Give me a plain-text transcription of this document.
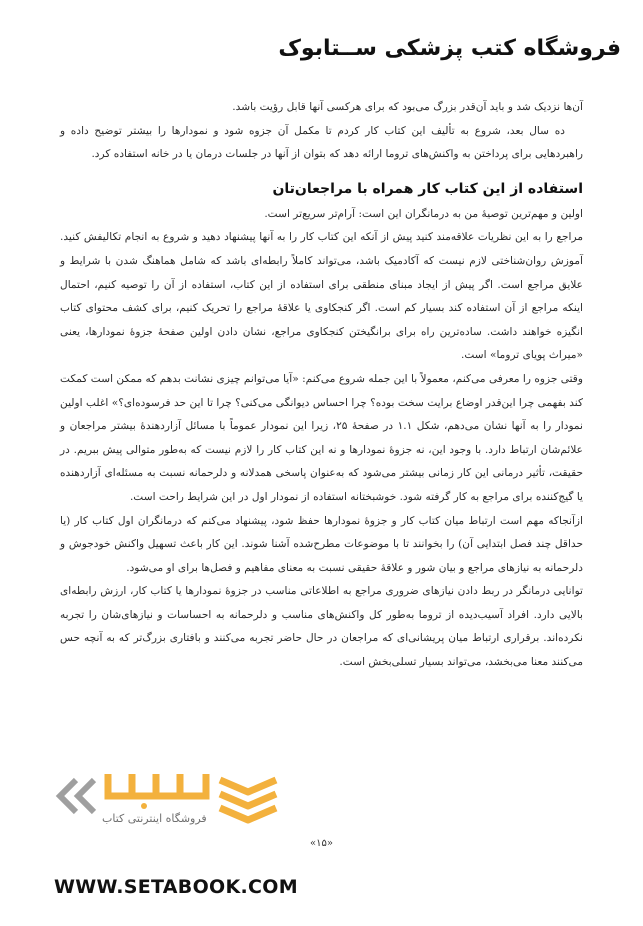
فروشگاه کتب پزشکی ســتابوک

آن‌ها نزدیک شد و باید آن‌قدر بزرگ می‌بود که برای هرکسی آنها قابل رؤیت باشد.

ده سال بعد، شروع به تألیف این کتاب کار کردم تا مکمل آن جزوه شود و نمودارها را بیشتر توضیح داده و راهبردهایی برای پرداختن به واکنش‌های تروما ارائه دهد که بتوان از آنها در جلسات درمان یا در خانه استفاده کرد.

استفاده از این کتاب کار همراه با مراجعان‌تان

اولین و مهم‌ترین توصیهٔ من به درمانگران این است: آرام‌تر سریع‌تر است.

مراجع را به این نظریات علاقه‌مند کنید پیش از آنکه این کتاب کار را به آنها پیشنهاد دهید و شروع به انجام تکالیفش کنید. آموزش روان‌شناختی لازم نیست که آکادمیک باشد، می‌تواند کاملاً رابطه‌ای باشد که شامل هماهنگ شدن با شرایط و علایق مراجع است. اگر پیش از ایجاد مبنای منطقی برای استفاده از این کتاب، استفاده از آن را توصیه کنیم، احتمال اینکه مراجع از آن استفاده کند بسیار کم است. اگر کنجکاوی یا علاقهٔ مراجع را تحریک کنیم، برای کشف محتوای کتاب انگیزه خواهند داشت. ساده‌ترین راه برای برانگیختن کنجکاوی مراجع، نشان دادن اولین صفحهٔ جزوهٔ نمودارها، یعنی «میراث پویای تروما» است.

وقتی جزوه را معرفی می‌کنم، معمولاً با این جمله شروع می‌کنم: «آیا می‌توانم چیزی نشانت بدهم که ممکن است کمکت کند بفهمی چرا این‌قدر اوضاع برایت سخت بوده؟ چرا احساس دیوانگی می‌کنی؟ چرا تا این حد فرسوده‌ای؟» اغلب اولین نمودار را به آنها نشان می‌دهم، شکل ۱.۱ در صفحهٔ ۲۵، زیرا این نمودار عموماً با مسائل آزاردهندهٔ بیشتر مراجعان و علائم‌شان ارتباط دارد. با وجود این، نه جزوهٔ نمودارها و نه این کتاب کار را لازم نیست که به‌طور متوالی پیش ببریم. در حقیقت، تأثیر درمانی این کار زمانی بیشتر می‌شود که به‌عنوان پاسخی همدلانه و دلرحمانه نسبت به مسئله‌ای آزاردهنده یا گیج‌کننده برای مراجع به کار گرفته شود. خوشبختانه استفاده از نمودار اول در این شرایط راحت است.

ازآنجاکه مهم است ارتباط میان کتاب کار و جزوهٔ نمودارها حفظ شود، پیشنهاد می‌کنم که درمانگران اول کتاب کار (یا حداقل چند فصل ابتدایی آن) را بخوانند تا با موضوعات مطرح‌شده آشنا شوند. این کار باعث تسهیل واکنش خودجوش و دلرحمانه به نیازهای مراجع و بیان شور و علاقهٔ حقیقی نسبت به معنای مفاهیم و فصل‌ها برای او می‌شود.

توانایی درمانگر در ربط دادن نیازهای ضروری مراجع به اطلاعاتی مناسب در جزوهٔ نمودارها یا کتاب کار، ارزش رابطه‌ای بالایی دارد. افراد آسیب‌دیده از تروما به‌طور کل واکنش‌های مناسب و دلرحمانه به احساسات و نیازهای‌شان را تجربه نکرده‌اند. برقراری ارتباط میان پریشانی‌ای که مراجعان در حال حاضر تجربه می‌کنند و بافتاری بزرگ‌تر که به آنچه حس می‌کنند معنا می‌بخشد، می‌تواند بسیار تسلی‌بخش است.

«۱۵»
فروشگاه اینترنتی کتاب
WWW.SETABOOK.COM
